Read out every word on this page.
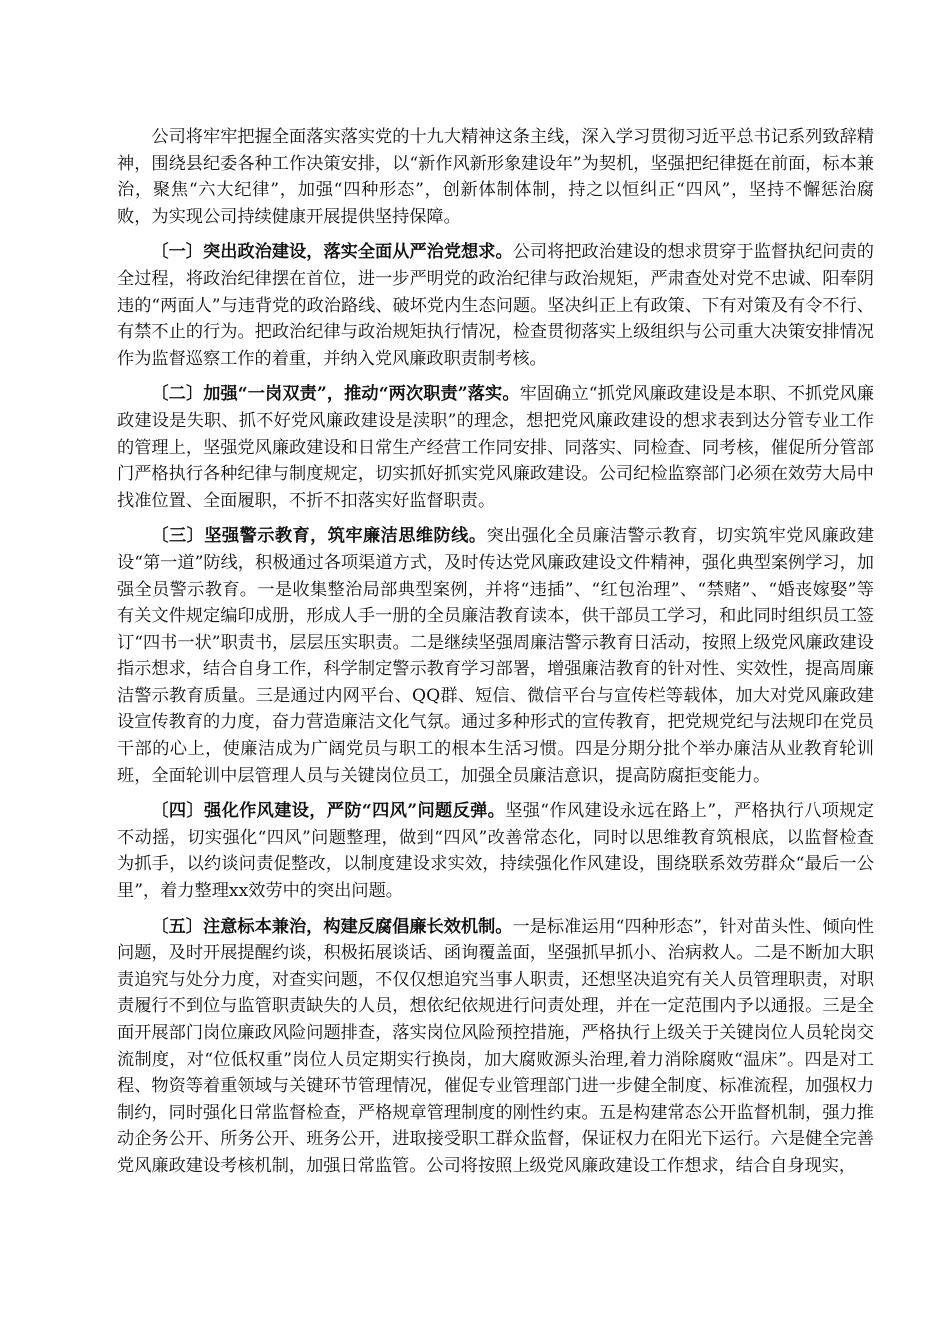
公司将牢牢把握全面落实落实党的十九大精神这条主线，深入学习贯彻习近平总书记系列致辞精神，围绕县纪委各种工作决策安排，以“新作风新形象建设年”为契机，坚强把纪律挺在前面，标本兼治，聚焦“六大纪律”，加强“四种形态”，创新体制体制，持之以恒纠正“四风”，坚持不懈惩治腐败，为实现公司持续健康开展提供坚持保障。

〔一〕突出政治建设，落实全面从严治党想求。公司将把政治建设的想求贯穿于监督执纪问责的全过程，将政治纪律摆在首位，进一步严明党的政治纪律与政治规矩，严肃查处对党不忠诚、阳奉阴违的“两面人”与违背党的政治路线、破坏党内生态问题。坚决纠正上有政策、下有对策及有令不行、有禁不止的行为。把政治纪律与政治规矩执行情况，检查贯彻落实上级组织与公司重大决策安排情况作为监督巡察工作的着重，并纳入党风廉政职责制考核。

〔二〕加强“一岗双责”，推动“两次职责”落实。牢固确立“抓党风廉政建设是本职、不抓党风廉政建设是失职、抓不好党风廉政建设是渎职”的理念，想把党风廉政建设的想求表到达分管专业工作的管理上，坚强党风廉政建设和日常生产经营工作同安排、同落实、同检查、同考核，催促所分管部门严格执行各种纪律与制度规定，切实抓好抓实党风廉政建设。公司纪检监察部门必须在效劳大局中找准位置、全面履职，不折不扣落实好监督职责。

〔三〕坚强警示教育，筑牢廉洁思维防线。突出强化全员廉洁警示教育，切实筑牢党风廉政建设“第一道”防线，积极通过各项渠道方式，及时传达党风廉政建设文件精神，强化典型案例学习，加强全员警示教育。一是收集整治局部典型案例，并将“违插”、“红包治理”、“禁赌”、“婚丧嫁娶”等有关文件规定编印成册，形成人手一册的全员廉洁教育读本，供干部员工学习，和此同时组织员工签订“四书一状”职责书，层层压实职责。二是继续坚强周廉洁警示教育日活动，按照上级党风廉政建设指示想求，结合自身工作，科学制定警示教育学习部署，增强廉洁教育的针对性、实效性，提高周廉洁警示教育质量。三是通过内网平台、QQ群、短信、微信平台与宣传栏等载体，加大对党风廉政建设宣传教育的力度，奋力营造廉洁文化气氛。通过多种形式的宣传教育，把党规党纪与法规印在党员干部的心上，使廉洁成为广阔党员与职工的根本生活习惯。四是分期分批个举办廉洁从业教育轮训班，全面轮训中层管理人员与关键岗位员工，加强全员廉洁意识，提高防腐拒变能力。

〔四〕强化作风建设，严防“四风”问题反弹。坚强“作风建设永远在路上”，严格执行八项规定不动摇，切实强化“四风”问题整理，做到“四风”改善常态化，同时以思维教育筑根底，以监督检查为抓手，以约谈问责促整改，以制度建设求实效，持续强化作风建设，围绕联系效劳群众“最后一公里”，着力整理xx效劳中的突出问题。

〔五〕注意标本兼治，构建反腐倡廉长效机制。一是标准运用“四种形态”，针对苗头性、倾向性问题，及时开展提醒约谈，积极拓展谈话、函询覆盖面，坚强抓早抓小、治病救人。二是不断加大职责追究与处分力度，对查实问题，不仅仅想追究当事人职责，还想坚决追究有关人员管理职责，对职责履行不到位与监管职责缺失的人员，想依纪依规进行问责处理，并在一定范围内予以通报。三是全面开展部门岗位廉政风险问题排查，落实岗位风险预控措施，严格执行上级关于关键岗位人员轮岗交流制度，对“位低权重”岗位人员定期实行换岗，加大腐败源头治理,着力消除腐败“温床”。四是对工程、物资等着重领域与关键环节管理情况，催促专业管理部门进一步健全制度、标准流程，加强权力制约，同时强化日常监督检查，严格规章管理制度的刚性约束。五是构建常态公开监督机制，强力推动企务公开、所务公开、班务公开，进取接受职工群众监督，保证权力在阳光下运行。六是健全完善党风廉政建设考核机制，加强日常监管。公司将按照上级党风廉政建设工作想求，结合自身现实，
